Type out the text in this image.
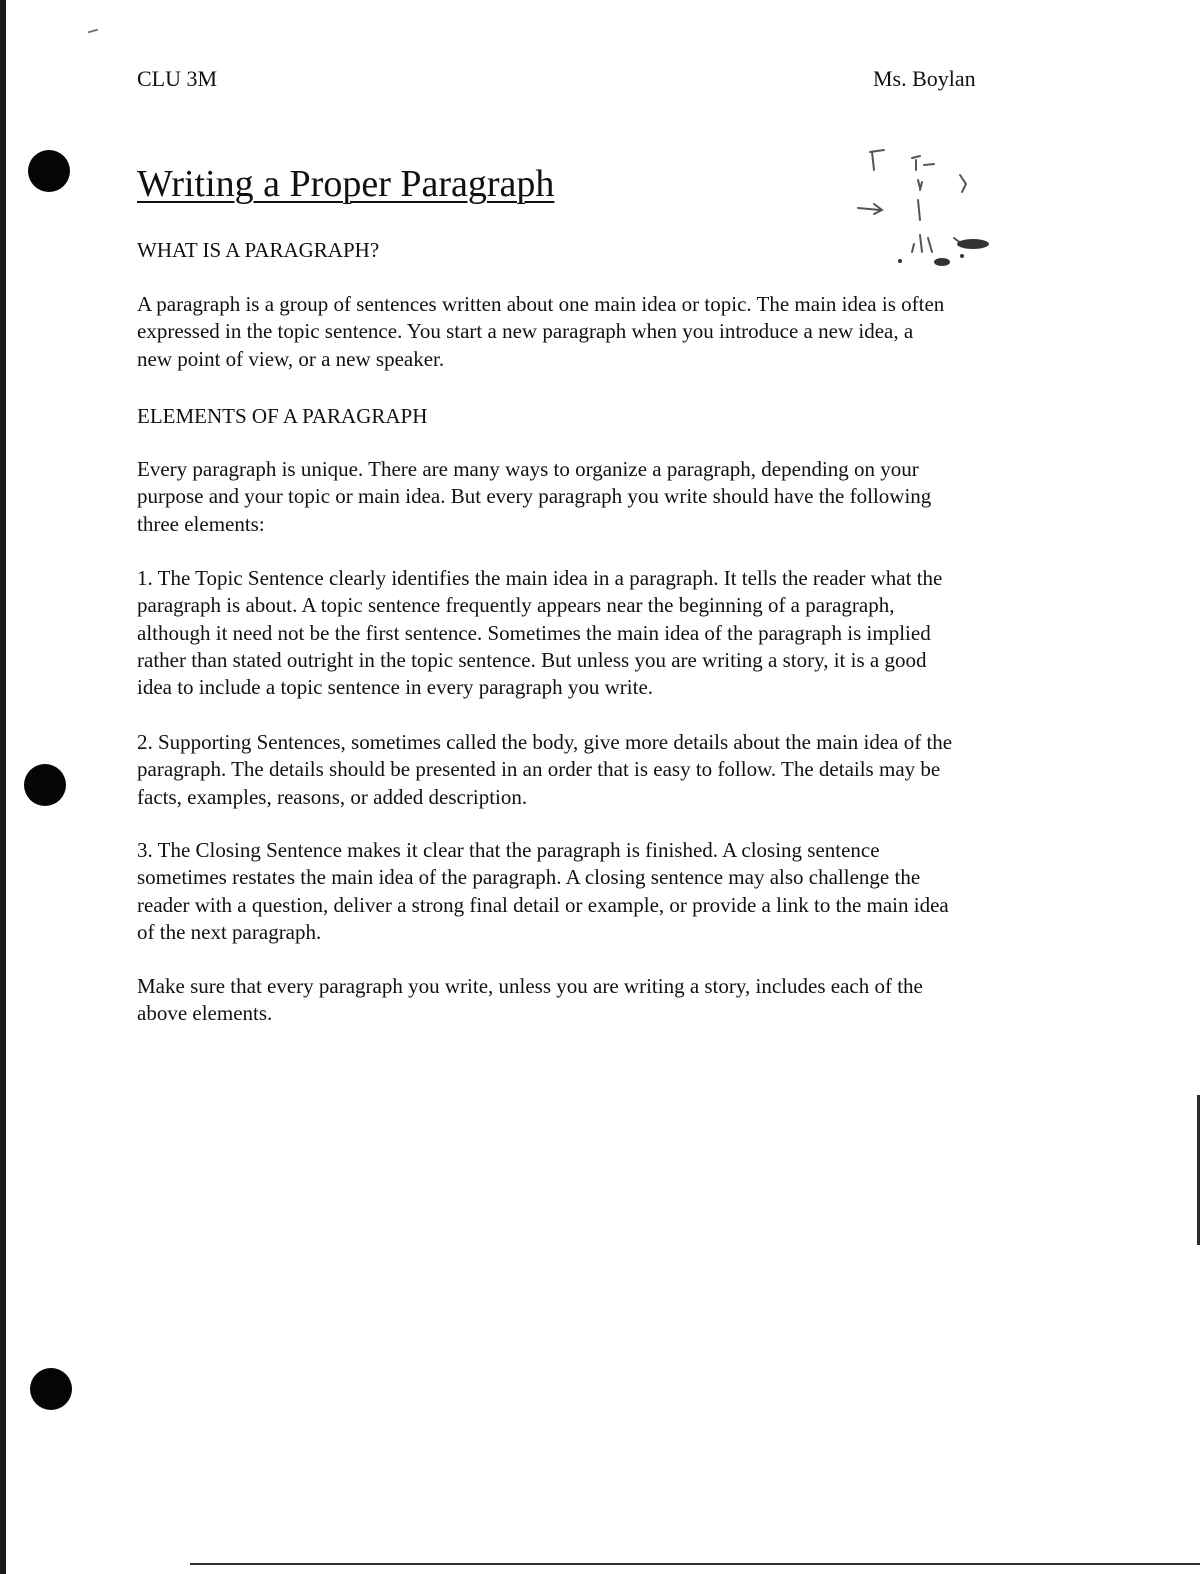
CLU 3M	Ms. Boylan
Writing a Proper Paragraph
WHAT IS A PARAGRAPH?

A paragraph is a group of sentences written about one main idea or topic. The main idea is often
expressed in the topic sentence. You start a new paragraph when you introduce a new idea, a
new point of view, or a new speaker.

ELEMENTS OF A PARAGRAPH

Every paragraph is unique. There are many ways to organize a paragraph, depending on your
purpose and your topic or main idea. But every paragraph you write should have the following
three elements:

1. The Topic Sentence clearly identifies the main idea in a paragraph. It tells the reader what the
paragraph is about. A topic sentence frequently appears near the beginning of a paragraph,
although it need not be the first sentence. Sometimes the main idea of the paragraph is implied
rather than stated outright in the topic sentence. But unless you are writing a story, it is a good
idea to include a topic sentence in every paragraph you write.

2. Supporting Sentences, sometimes called the body, give more details about the main idea of the
paragraph. The details should be presented in an order that is easy to follow. The details may be
facts, examples, reasons, or added description.

3. The Closing Sentence makes it clear that the paragraph is finished. A closing sentence
sometimes restates the main idea of the paragraph. A closing sentence may also challenge the
reader with a question, deliver a strong final detail or example, or provide a link to the main idea
of the next paragraph.

Make sure that every paragraph you write, unless you are writing a story, includes each of the
above elements.
